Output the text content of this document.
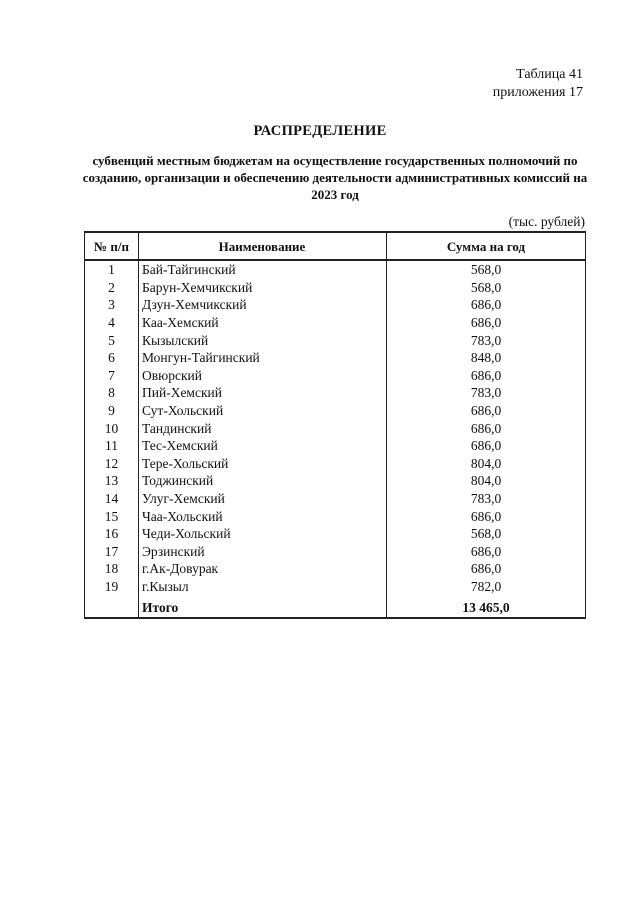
Таблица 41
приложения 17
РАСПРЕДЕЛЕНИЕ
субвенций местным бюджетам на осуществление государственных полномочий по созданию, организации и обеспечению деятельности административных комиссий на 2023 год
(тыс. рублей)
№ п/п	Наименование	Сумма на год
1	Бай-Тайгинский	568,0
2	Барун-Хемчикский	568,0
3	Дзун-Хемчикский	686,0
4	Каа-Хемский	686,0
5	Кызылский	783,0
6	Монгун-Тайгинский	848,0
7	Овюрский	686,0
8	Пий-Хемский	783,0
9	Сут-Хольский	686,0
10	Тандинский	686,0
11	Тес-Хемский	686,0
12	Тере-Хольский	804,0
13	Тоджинский	804,0
14	Улуг-Хемский	783,0
15	Чаа-Хольский	686,0
16	Чеди-Хольский	568,0
17	Эрзинский	686,0
18	г.Ак-Довурак	686,0
19	г.Кызыл	782,0
	Итого	13 465,0
